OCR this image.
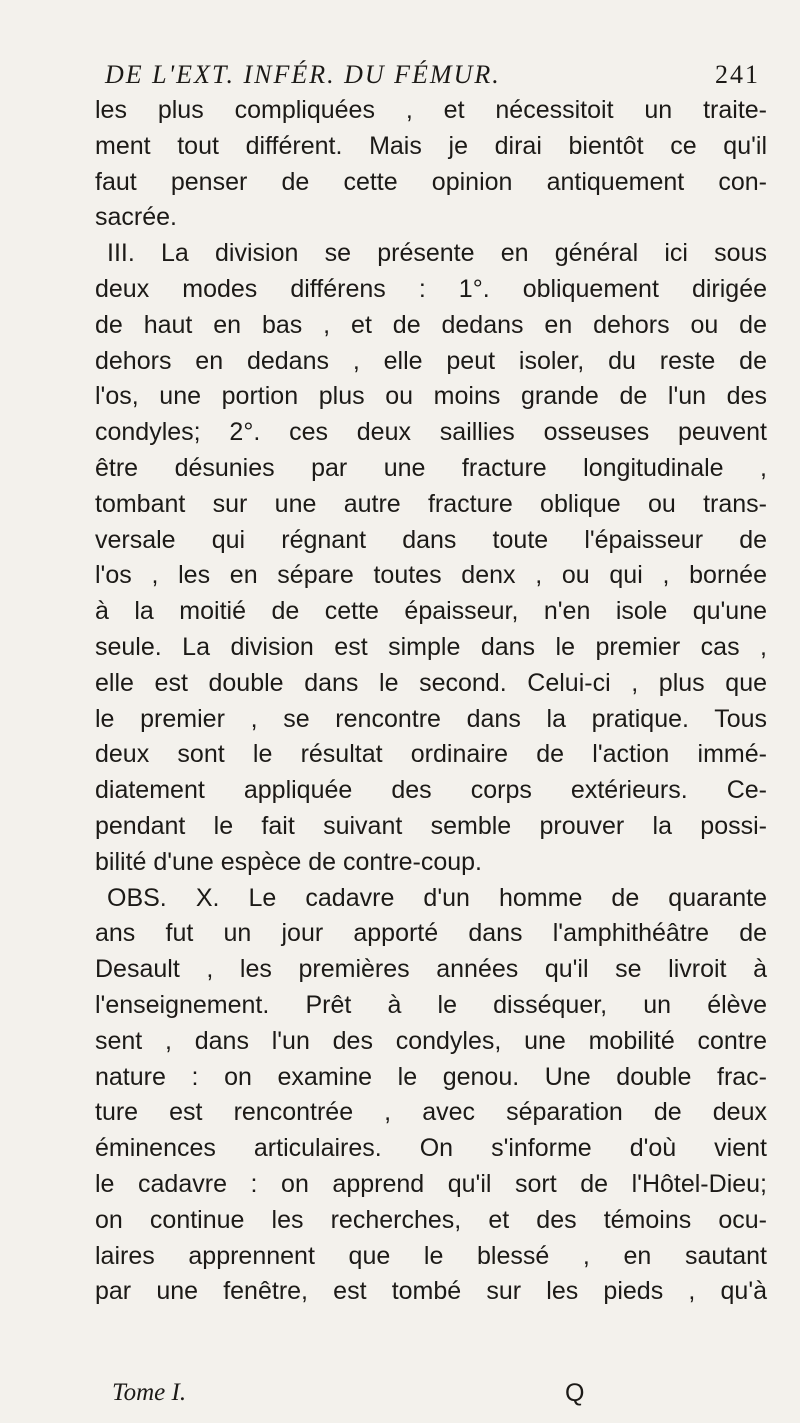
DE L'EXT. INFÉR. DU FÉMUR.	241
les plus compliquées , et nécessitoit un traite-
ment tout différent. Mais je dirai bientôt ce qu'il
faut penser de cette opinion antiquement con-
sacrée.
III. La division se présente en général ici sous
deux modes différens : 1°. obliquement dirigée
de haut en bas , et de dedans en dehors ou de
dehors en dedans , elle peut isoler, du reste de
l'os, une portion plus ou moins grande de l'un des
condyles; 2°. ces deux saillies osseuses peuvent
être désunies par une fracture longitudinale ,
tombant sur une autre fracture oblique ou trans-
versale qui régnant dans toute l'épaisseur de
l'os , les en sépare toutes denx , ou qui , bornée
à la moitié de cette épaisseur, n'en isole qu'une
seule. La division est simple dans le premier cas ,
elle est double dans le second. Celui-ci , plus que
le premier , se rencontre dans la pratique. Tous
deux sont le résultat ordinaire de l'action immé-
diatement appliquée des corps extérieurs. Ce-
pendant le fait suivant semble prouver la possi-
bilité d'une espèce de contre-coup.
OBS. X. Le cadavre d'un homme de quarante
ans fut un jour apporté dans l'amphithéâtre de
Desault , les premières années qu'il se livroit à
l'enseignement. Prêt à le disséquer, un élève
sent , dans l'un des condyles, une mobilité contre
nature : on examine le genou. Une double frac-
ture est rencontrée , avec séparation de deux
éminences articulaires. On s'informe d'où vient
le cadavre : on apprend qu'il sort de l'Hôtel-Dieu;
on continue les recherches, et des témoins ocu-
laires apprennent que le blessé , en sautant
par une fenêtre, est tombé sur les pieds , qu'à
Tome I.	Q
